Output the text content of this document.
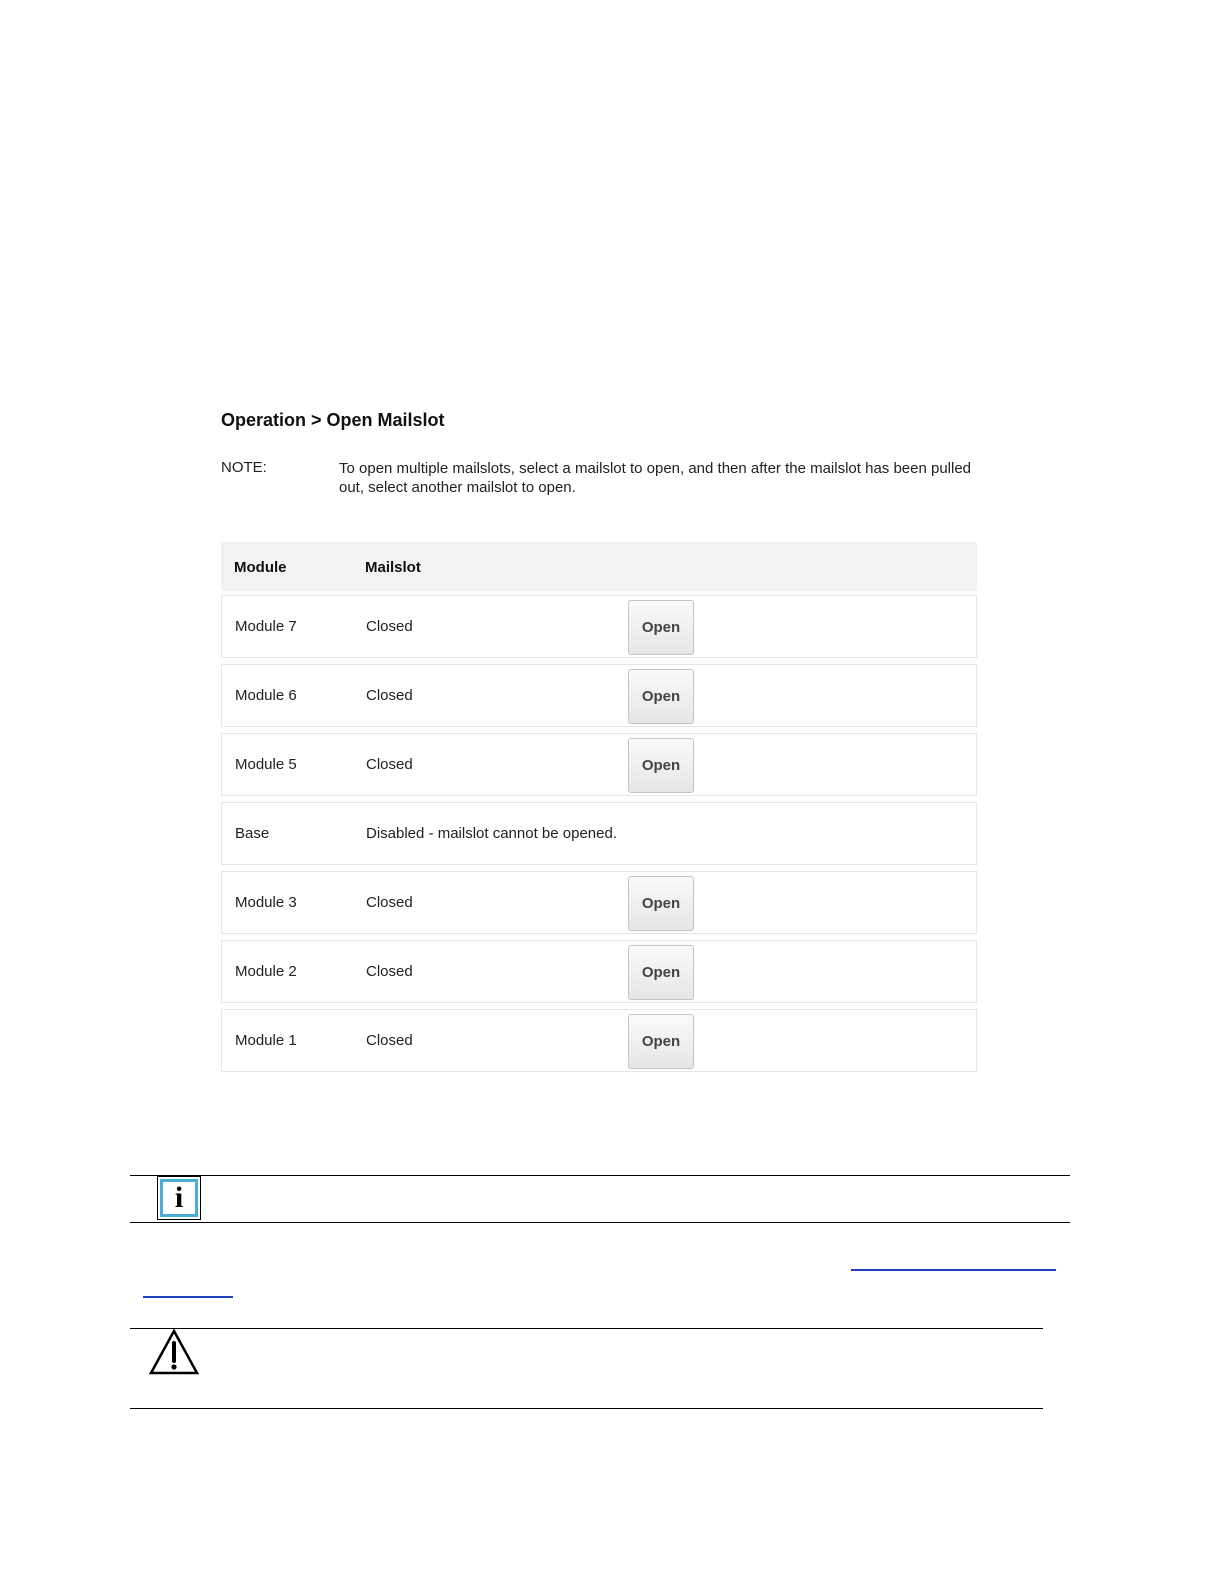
Operation > Open Mailslot
NOTE:	To open multiple mailslots, select a mailslot to open, and then after the mailslot has been pulled out, select another mailslot to open.
Module	Mailslot
Module 7	Closed	Open
Module 6	Closed	Open
Module 5	Closed	Open
Base	Disabled - mailslot cannot be opened.
Module 3	Closed	Open
Module 2	Closed	Open
Module 1	Closed	Open
i
